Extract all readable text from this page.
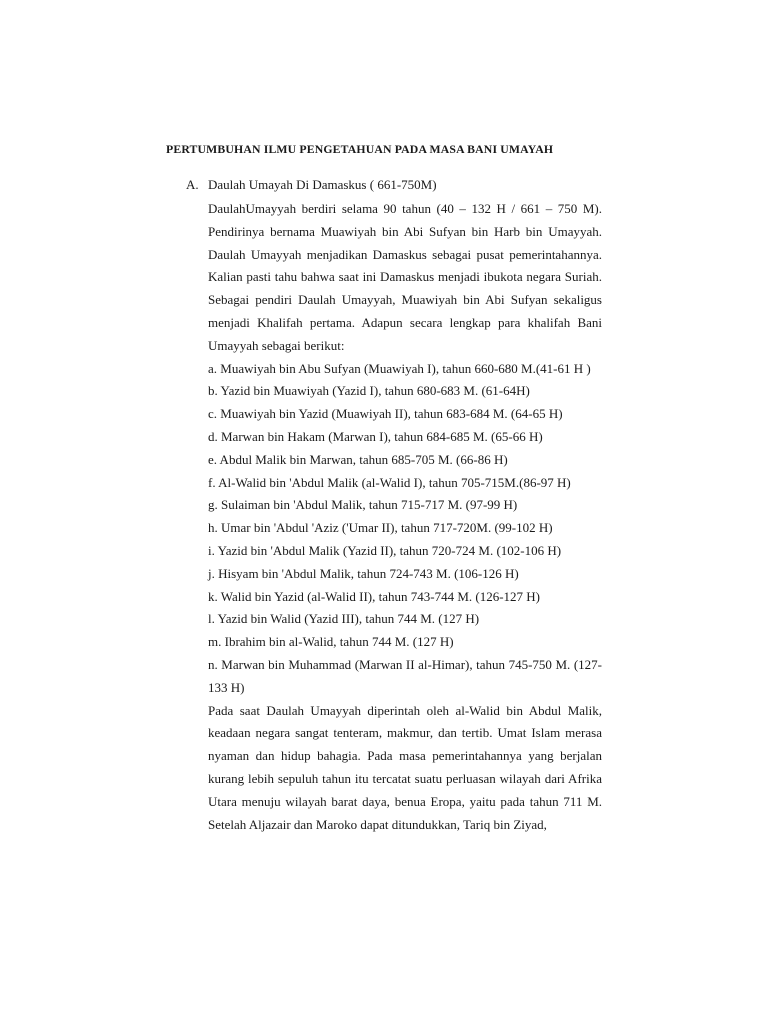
PERTUMBUHAN ILMU PENGETAHUAN PADA MASA BANI UMAYAH
A. Daulah Umayah Di Damaskus ( 661-750M)

DaulahUmayyah berdiri selama 90 tahun (40 – 132 H / 661 – 750 M). Pendirinya bernama Muawiyah bin Abi Sufyan bin Harb bin Umayyah. Daulah Umayyah menjadikan Damaskus sebagai pusat pemerintahannya. Kalian pasti tahu bahwa saat ini Damaskus menjadi ibukota negara Suriah. Sebagai pendiri Daulah Umayyah, Muawiyah bin Abi Sufyan sekaligus menjadi Khalifah pertama. Adapun secara lengkap para khalifah Bani Umayyah sebagai berikut:

a. Muawiyah bin Abu Sufyan (Muawiyah I), tahun 660-680 M.(41-61 H )
b. Yazid bin Muawiyah (Yazid I), tahun 680-683 M. (61-64H)
c. Muawiyah bin Yazid (Muawiyah II), tahun 683-684 M. (64-65 H)
d. Marwan bin Hakam (Marwan I), tahun 684-685 M. (65-66 H)
e. Abdul Malik bin Marwan, tahun 685-705 M. (66-86 H)
f. Al-Walid bin 'Abdul Malik (al-Walid I), tahun 705-715M.(86-97 H)
g. Sulaiman bin 'Abdul Malik, tahun 715-717 M. (97-99 H)
h. Umar bin 'Abdul 'Aziz ('Umar II), tahun 717-720M. (99-102 H)
i. Yazid bin 'Abdul Malik (Yazid II), tahun 720-724 M. (102-106 H)
j. Hisyam bin 'Abdul Malik, tahun 724-743 M. (106-126 H)
k. Walid bin Yazid (al-Walid II), tahun 743-744 M. (126-127 H)
l. Yazid bin Walid (Yazid III), tahun 744 M. (127 H)
m. Ibrahim bin al-Walid, tahun 744 M. (127 H)
n. Marwan bin Muhammad (Marwan II al-Himar), tahun 745-750 M. (127-133 H)

Pada saat Daulah Umayyah diperintah oleh al-Walid bin Abdul Malik, keadaan negara sangat tenteram, makmur, dan tertib. Umat Islam merasa nyaman dan hidup bahagia. Pada masa pemerintahannya yang berjalan kurang lebih sepuluh tahun itu tercatat suatu perluasan wilayah dari Afrika Utara menuju wilayah barat daya, benua Eropa, yaitu pada tahun 711 M. Setelah Aljazair dan Maroko dapat ditundukkan, Tariq bin Ziyad,
